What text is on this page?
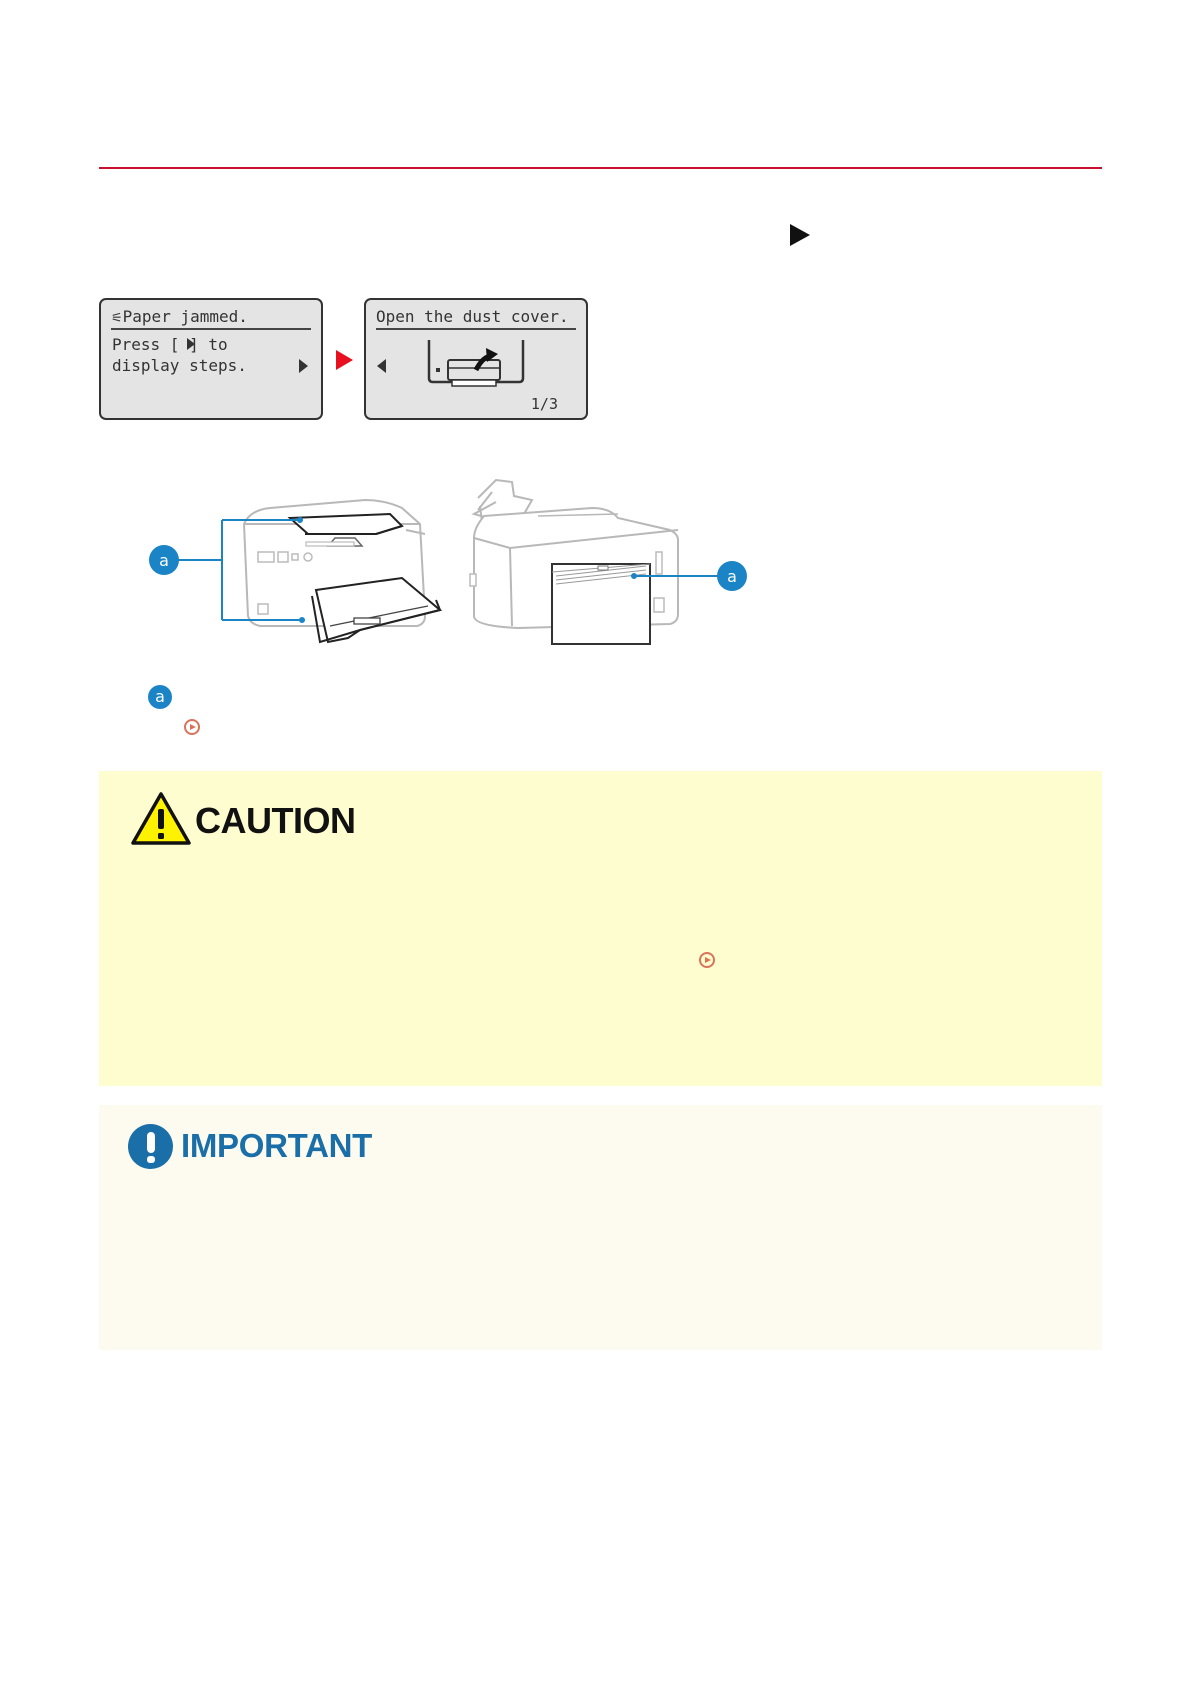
⚟Paper jammed.
Press [ ] to
display steps.
Open the dust cover.
1/3
a
a
a
CAUTION
IMPORTANT
